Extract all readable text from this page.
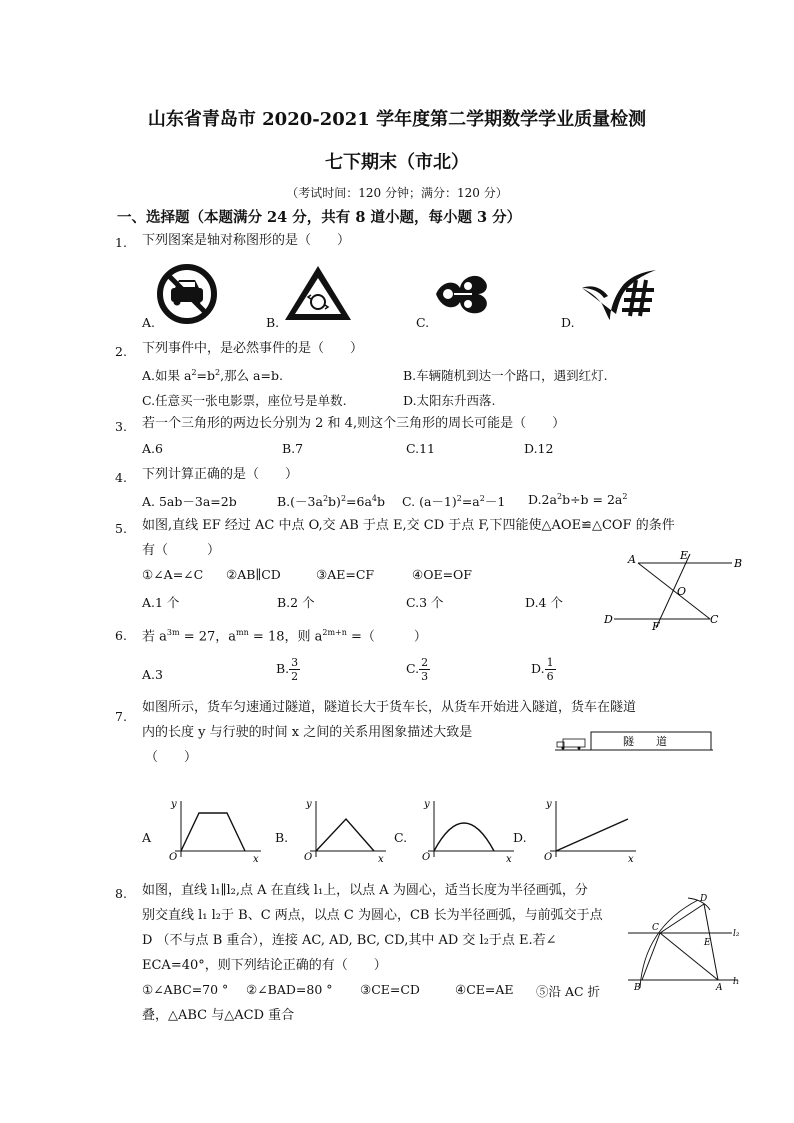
山东省青岛市 2020-2021 学年度第二学期数学学业质量检测
七下期末（市北）
（考试时间：120 分钟；满分：120 分）
一、选择题（本题满分 24 分，共有 8 道小题，每小题 3 分）
1. 下列图案是轴对称图形的是（　　）
A.	B.	C.	D.
2. 下列事件中，是必然事件的是（　　）
A.如果 $a^2=b^2$,那么 a=b.	B.车辆随机到达一个路口，遇到红灯.
C.任意买一张电影票，座位号是单数.	D.太阳东升西落.
3. 若一个三角形的两边长分别为 2 和 4,则这个三角形的周长可能是（　　）
A.6	B.7	C.11	D.12
4. 下列计算正确的是（　　）
A. 5ab－3a=2b	$B.(-3a^2b)^2=6a^4b$ C. $(a-1)^2=a^2-1$ $D.2a^2b\div b = 2a^2$
5. 如图,直线 EF 经过 AC 中点 O,交 AB 于点 E,交 CD 于点 F,下四能使△AOE≌△COF 的条件
有（　　　）
①∠A=∠C ②AB∥CD	③AE=CF	④OE=OF
A.1 个	B.2 个	C.3 个	D.4 个
A	E
B
O
D
F
C
6. 若 $a^{3m} = 27$，$a^{mn} = 18$，则 $a^{2m+n}$ =（　　　）
A.3	B. $\frac{3}{2}$	C. $\frac{2}{3}$	D. $\frac{1}{6}$
7.
如图所示，货车匀速通过隧道，隧道长大于货车长，从货车开始进入隧道，货车在隧道
内的长度 y 与行驶的时间 x 之间的关系用图象描述大致是
（　　）
隧　　道
A	B.	C.	D.
y
O	x
y
O	x
y
O	x
y
O	x
8. 如图，直线 l₁∥l₂,点 A 在直线 l₁上，以点 A 为圆心，适当长度为半径画弧，分
别交直线 l₁ l₂于 B、C 两点，以点 C 为圆心，CB 长为半径画弧，与前弧交于点
D （不与点 B 重合），连接 AC, AD, BC, CD,其中 AD 交 l₂于点 E.若∠
ECA=40°，则下列结论正确的有（　　）
①∠ABC=70 ° ②∠BAD=80 ° ③CE=CD	④CE=AE ⑤沿 AC 折
叠，△ABC 与△ACD 重合
D
C
l₂
E
B	A
l₁
